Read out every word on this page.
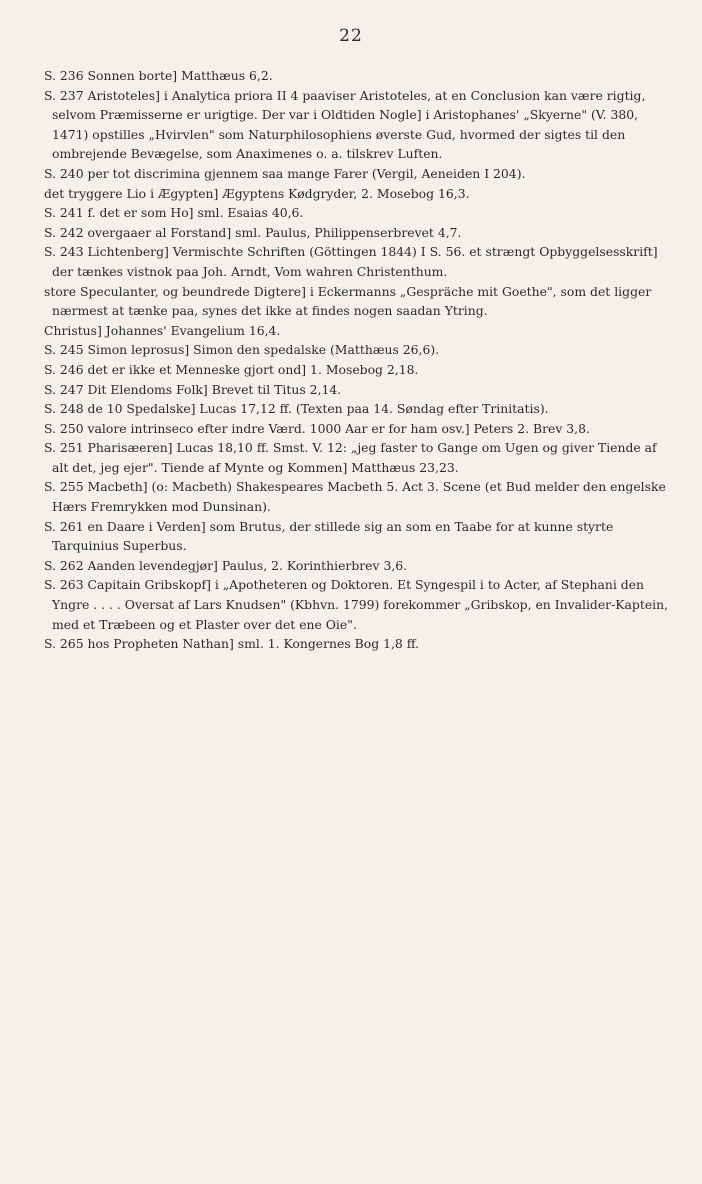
22

S. 236 Sonnen borte] Matthæus 6,2.

S. 237 Aristoteles] i Analytica priora II 4 paaviser Aristoteles, at en Conclusion kan være rigtig, selvom Præmisserne er urigtige. Der var i Oldtiden Nogle] i Aristophanes' „Skyerne" (V. 380, 1471) opstilles „Hvirvlen" som Naturphilosophiens øverste Gud, hvormed der sigtes til den ombrejende Bevægelse, som Anaximenes o. a. tilskrev Luften.

S. 240 per tot discrimina gjennem saa mange Farer (Vergil, Aeneiden I 204).

det tryggere Lio i Ægypten] Ægyptens Kødgryder, 2. Mosebog 16,3.

S. 241 f. det er som Ho] sml. Esaias 40,6.

S. 242 overgaaer al Forstand] sml. Paulus, Philippenserbrevet 4,7.

S. 243 Lichtenberg] Vermischte Schriften (Göttingen 1844) I S. 56. et strængt Opbyggelsesskrift] der tænkes vistnok paa Joh. Arndt, Vom wahren Christenthum.

store Speculanter, og beundrede Digtere] i Eckermanns „Gespräche mit Goethe", som det ligger nærmest at tænke paa, synes det ikke at findes nogen saadan Ytring.

Christus] Johannes' Evangelium 16,4.

S. 245 Simon leprosus] Simon den spedalske (Matthæus 26,6).

S. 246 det er ikke et Menneske gjort ond] 1. Mosebog 2,18.

S. 247 Dit Elendoms Folk] Brevet til Titus 2,14.

S. 248 de 10 Spedalske] Lucas 17,12 ff. (Texten paa 14. Søndag efter Trinitatis).

S. 250 valore intrinseco efter indre Værd. 1000 Aar er for ham osv.] Peters 2. Brev 3,8.

S. 251 Pharisæeren] Lucas 18,10 ff. Smst. V. 12: „jeg faster to Gange om Ugen og giver Tiende af alt det, jeg ejer". Tiende af Mynte og Kommen] Matthæus 23,23.

S. 255 Macbeth] (o: Macbeth) Shakespeares Macbeth 5. Act 3. Scene (et Bud melder den engelske Hærs Fremrykken mod Dunsinan).

S. 261 en Daare i Verden] som Brutus, der stillede sig an som en Taabe for at kunne styrte Tarquinius Superbus.

S. 262 Aanden levendegjør] Paulus, 2. Korinthierbrev 3,6.

S. 263 Capitain Gribskopf] i „Apotheteren og Doktoren. Et Syngespil i to Acter, af Stephani den Yngre . . . . Oversat af Lars Knudsen" (Kbhvn. 1799) forekommer „Gribskop, en Invalider-Kaptein, med et Træbeen og et Plaster over det ene Oie".

S. 265 hos Propheten Nathan] sml. 1. Kongernes Bog 1,8 ff.
